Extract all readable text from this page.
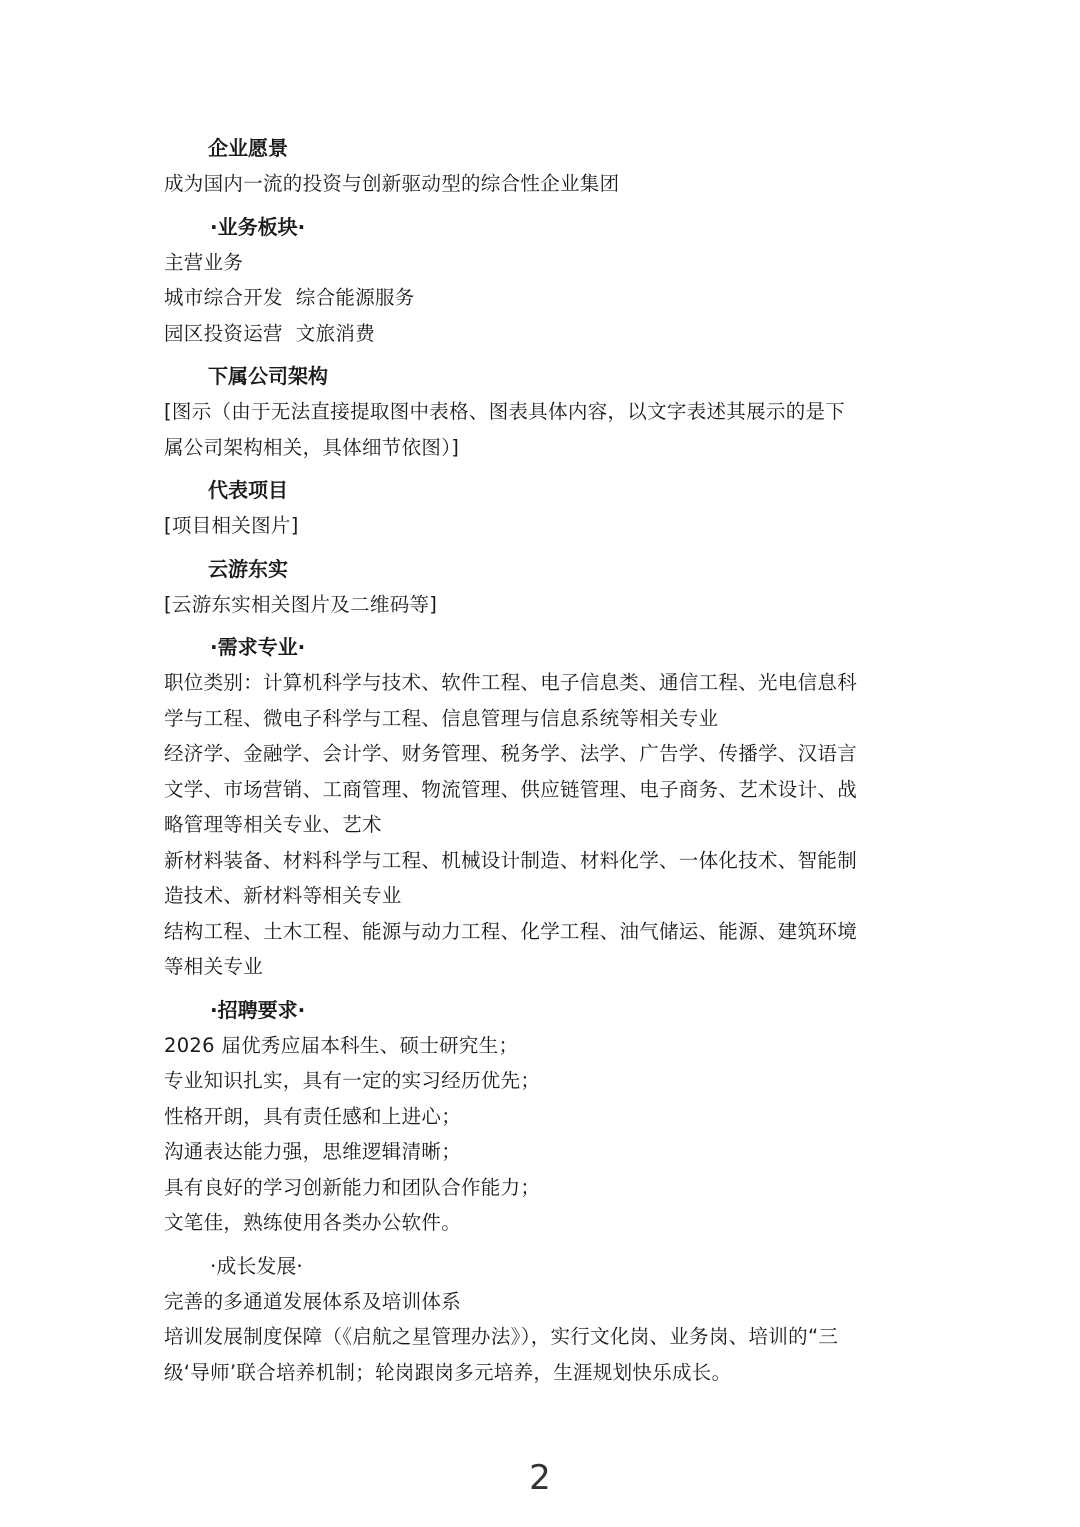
企业愿景
成为国内一流的投资与创新驱动型的综合性企业集团
·业务板块·
主营业务
城市综合开发  综合能源服务
园区投资运营  文旅消费
下属公司架构
[图示（由于无法直接提取图中表格、图表具体内容，以文字表述其展示的是下
属公司架构相关，具体细节依图）]
代表项目
[项目相关图片]
云游东实
[云游东实相关图片及二维码等]
·需求专业·
职位类别：计算机科学与技术、软件工程、电子信息类、通信工程、光电信息科
学与工程、微电子科学与工程、信息管理与信息系统等相关专业
经济学、金融学、会计学、财务管理、税务学、法学、广告学、传播学、汉语言
文学、市场营销、工商管理、物流管理、供应链管理、电子商务、艺术设计、战
略管理等相关专业、艺术
新材料装备、材料科学与工程、机械设计制造、材料化学、一体化技术、智能制
造技术、新材料等相关专业
结构工程、土木工程、能源与动力工程、化学工程、油气储运、能源、建筑环境
等相关专业
·招聘要求·
2026 届优秀应届本科生、硕士研究生；
专业知识扎实，具有一定的实习经历优先；
性格开朗，具有责任感和上进心；
沟通表达能力强，思维逻辑清晰；
具有良好的学习创新能力和团队合作能力；
文笔佳，熟练使用各类办公软件。
·成长发展·
完善的多通道发展体系及培训体系
培训发展制度保障（《启航之星管理办法》），实行文化岗、业务岗、培训的“三
级‘导师’联合培养机制；轮岗跟岗多元培养，生涯规划快乐成长。
2
